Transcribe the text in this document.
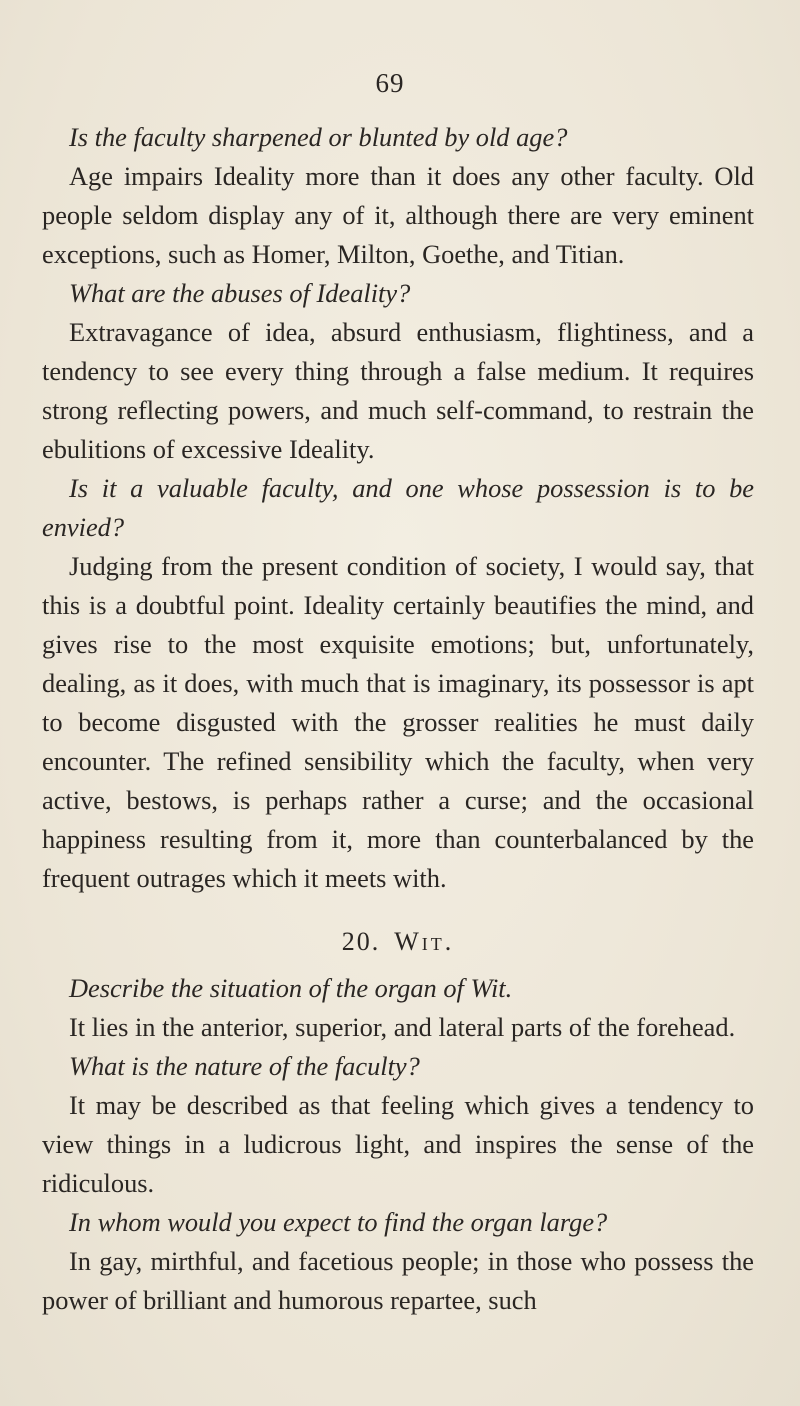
69

Is the faculty sharpened or blunted by old age?

Age impairs Ideality more than it does any other faculty. Old people seldom display any of it, although there are very eminent exceptions, such as Homer, Milton, Goethe, and Titian.

What are the abuses of Ideality?

Extravagance of idea, absurd enthusiasm, flightiness, and a tendency to see every thing through a false medium. It requires strong reflecting powers, and much self-command, to restrain the ebulitions of excessive Ideality.

Is it a valuable faculty, and one whose possession is to be envied?

Judging from the present condition of society, I would say, that this is a doubtful point. Ideality certainly beautifies the mind, and gives rise to the most exquisite emotions; but, unfortunately, dealing, as it does, with much that is imaginary, its possessor is apt to become disgusted with the grosser realities he must daily encounter. The refined sensibility which the faculty, when very active, bestows, is perhaps rather a curse; and the occasional happiness resulting from it, more than counterbalanced by the frequent outrages which it meets with.

20. Wit.

Describe the situation of the organ of Wit.

It lies in the anterior, superior, and lateral parts of the forehead.

What is the nature of the faculty?

It may be described as that feeling which gives a tendency to view things in a ludicrous light, and inspires the sense of the ridiculous.

In whom would you expect to find the organ large?

In gay, mirthful, and facetious people; in those who possess the power of brilliant and humorous repartee, such
